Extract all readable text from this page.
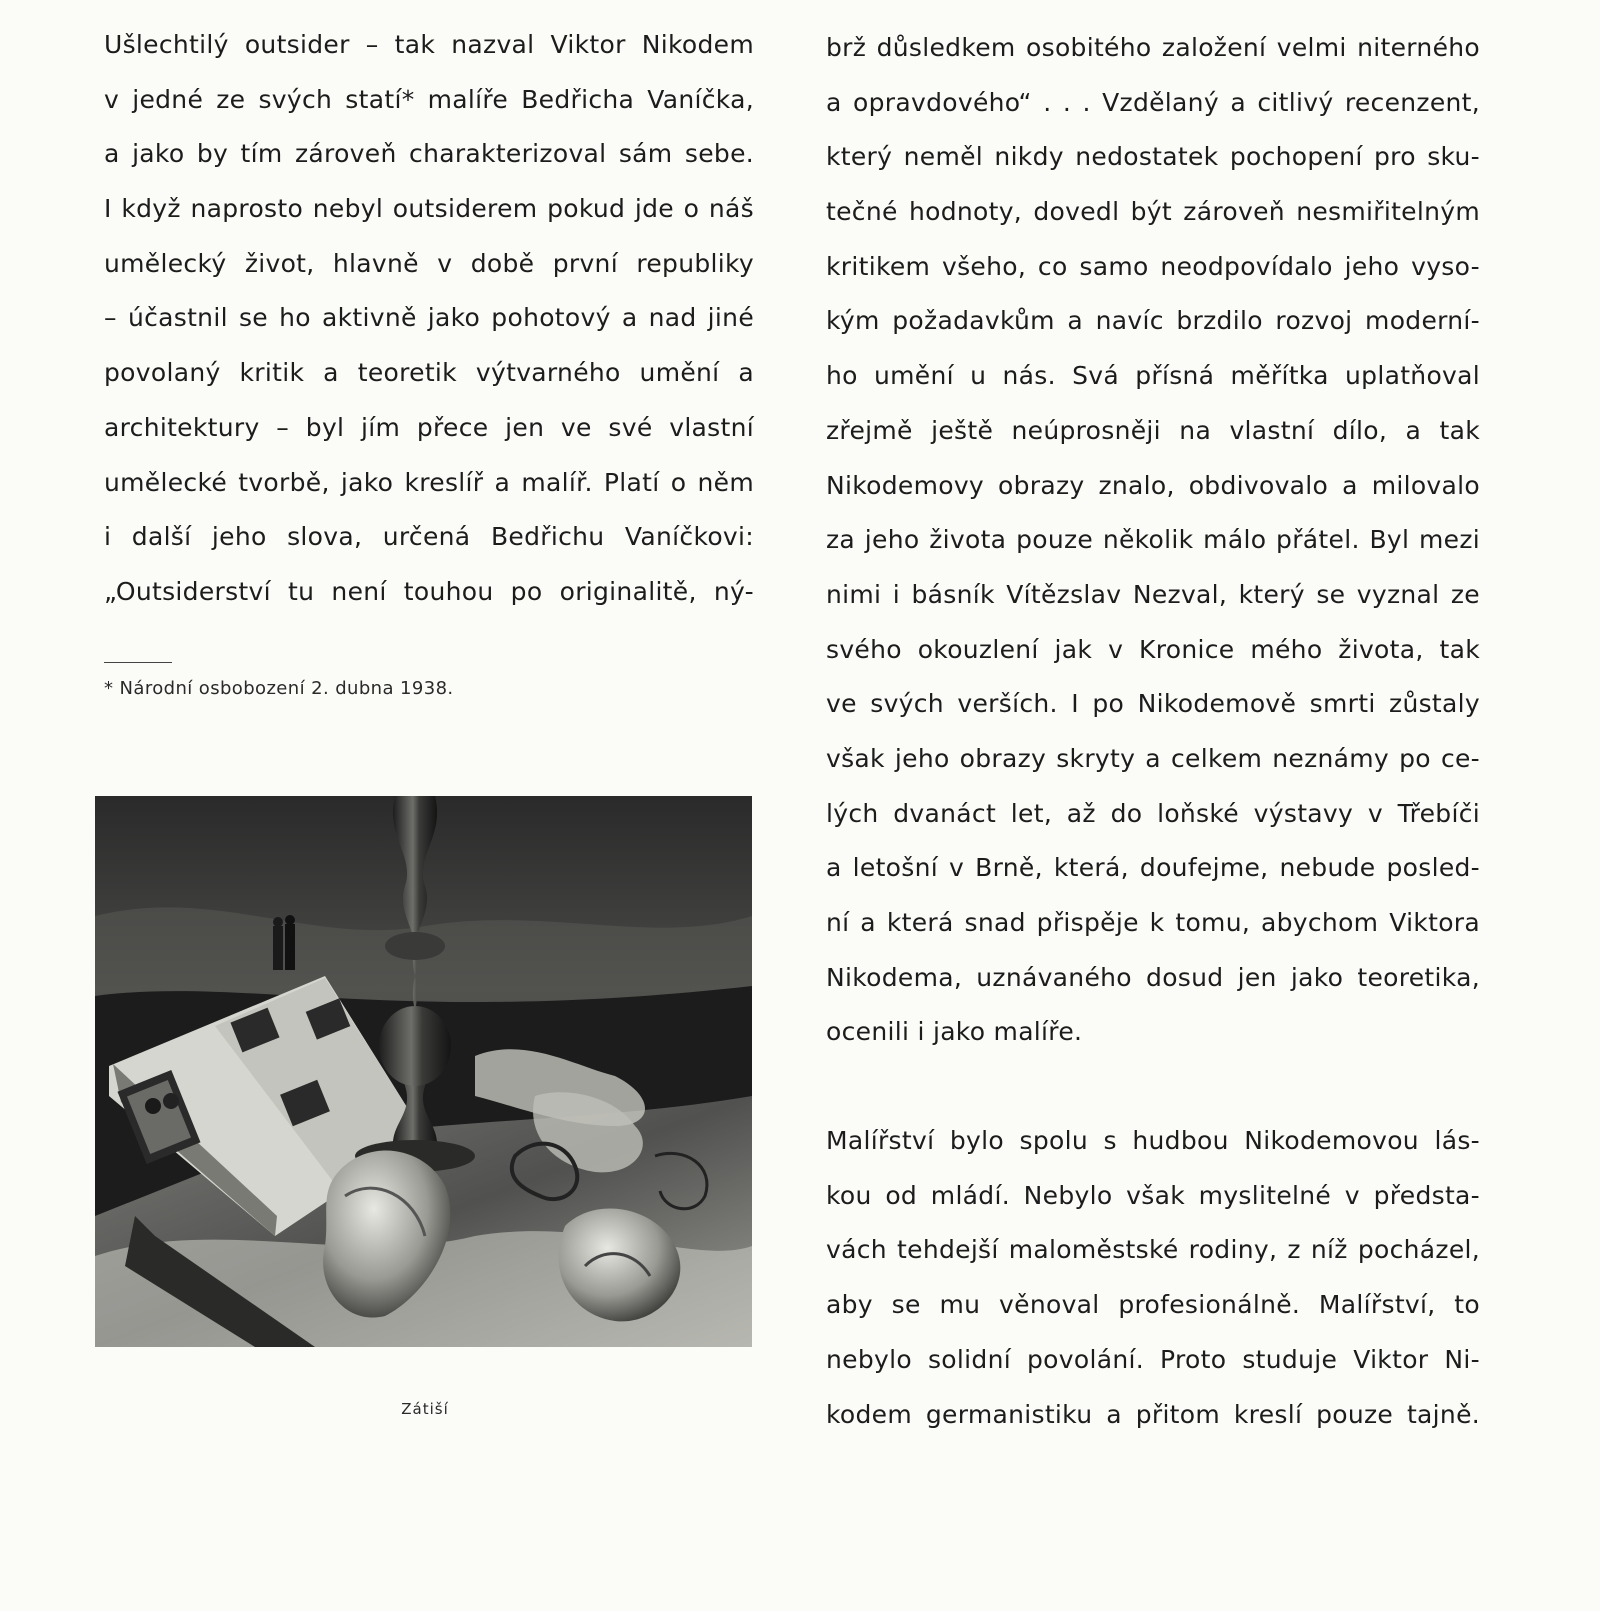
Ušlechtilý outsider – tak nazval Viktor Nikodem
v jedné ze svých statí* malíře Bedřicha Vaníčka,
a jako by tím zároveň charakterizoval sám sebe.
I když naprosto nebyl outsiderem pokud jde o náš
umělecký život, hlavně v době první republiky
– účastnil se ho aktivně jako pohotový a nad jiné
povolaný kritik a teoretik výtvarného umění a
architektury – byl jím přece jen ve své vlastní
umělecké tvorbě, jako kreslíř a malíř. Platí o něm
i další jeho slova, určená Bedřichu Vaníčkovi:
„Outsiderství tu není touhou po originalitě, ný-
* Národní osbobození 2. dubna 1938.
Zátiší
brž důsledkem osobitého založení velmi niterného
a opravdového“ . . . Vzdělaný a citlivý recenzent,
který neměl nikdy nedostatek pochopení pro sku-
tečné hodnoty, dovedl být zároveň nesmiřitelným
kritikem všeho, co samo neodpovídalo jeho vyso-
kým požadavkům a navíc brzdilo rozvoj moderní-
ho umění u nás. Svá přísná měřítka uplatňoval
zřejmě ještě neúprosněji na vlastní dílo, a tak
Nikodemovy obrazy znalo, obdivovalo a milovalo
za jeho života pouze několik málo přátel. Byl mezi
nimi i básník Vítězslav Nezval, který se vyznal ze
svého okouzlení jak v Kronice mého života, tak
ve svých verších. I po Nikodemově smrti zůstaly
však jeho obrazy skryty a celkem neznámy po ce-
lých dvanáct let, až do loňské výstavy v Třebíči
a letošní v Brně, která, doufejme, nebude posled-
ní a která snad přispěje k tomu, abychom Viktora
Nikodema, uznávaného dosud jen jako teoretika,
ocenili i jako malíře.
Malířství bylo spolu s hudbou Nikodemovou lás-
kou od mládí. Nebylo však myslitelné v předsta-
vách tehdejší maloměstské rodiny, z níž pocházel,
aby se mu věnoval profesionálně. Malířství, to
nebylo solidní povolání. Proto studuje Viktor Ni-
kodem germanistiku a přitom kreslí pouze tajně.
